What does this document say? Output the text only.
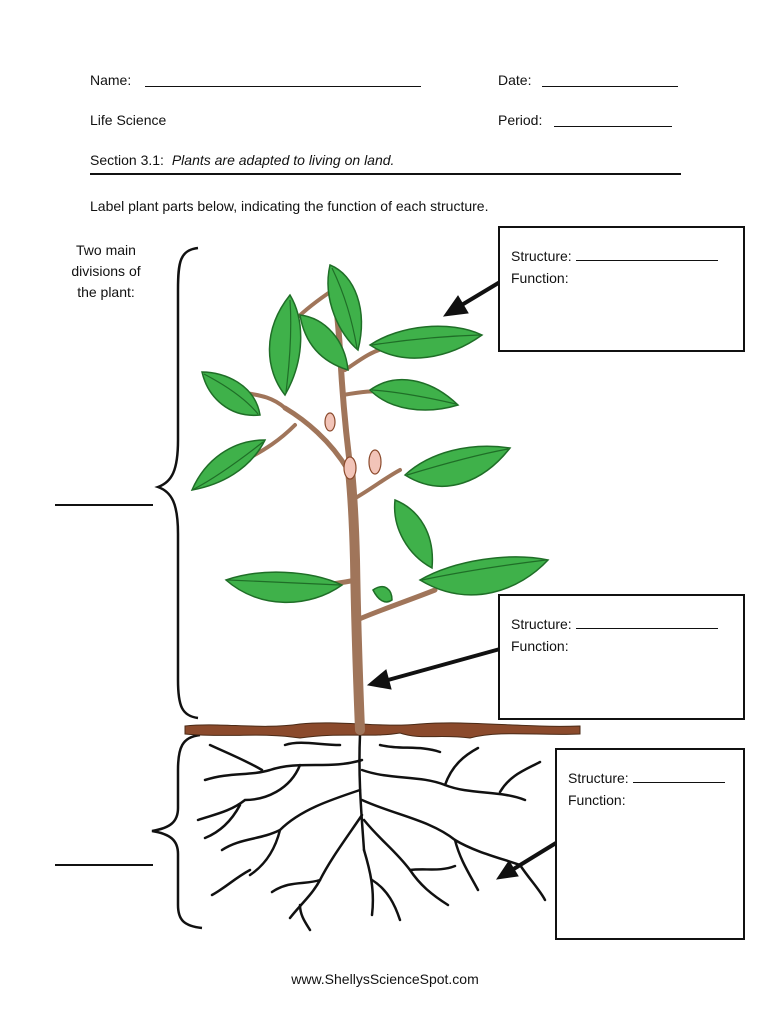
Name:	Date:
Life Science	Period:
Section 3.1: Plants are adapted to living on land.
Label plant parts below, indicating the function of each structure.
Two main divisions of the plant:
Structure:
Function:
Structure:
Function:
Structure:
Function:
www.ShellysScienceSpot.com
